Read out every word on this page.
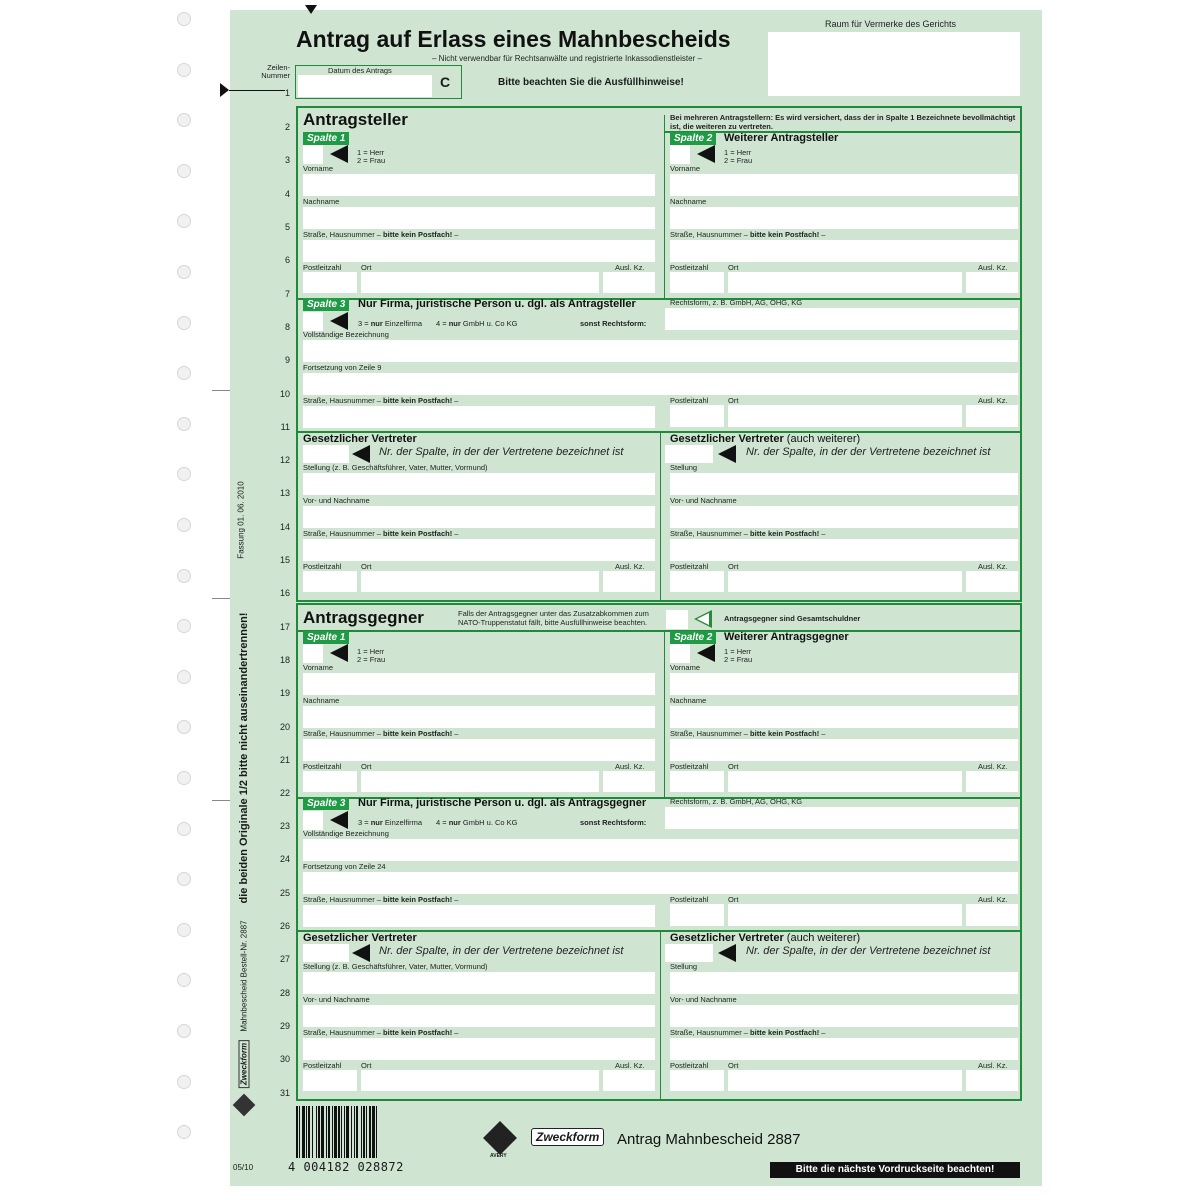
Antrag auf Erlass eines Mahnbescheids
– Nicht verwendbar für Rechtsanwälte und registrierte Inkassodienstleister –
Raum für Vermerke des Gerichts
Zeilen-
Nummer
Datum des Antrags
C	Bitte beachten Sie die Ausfüllhinweise!
1
2
3
4
5
6
7
8
9
10
11
12
13
14
15
16
17
18
19
20
21
22
23
24
25
26
27
28
29
30
31
Antragsteller	Bei mehreren Antragstellern: Es wird versichert, dass der in Spalte 1 Bezeichnete bevollmächtigt ist, die weiteren zu vertreten.
Spalte 1
1 = Herr
2 = Frau
Vorname
Nachname
Straße, Hausnummer – bitte kein Postfach! –
Postleitzahl	Ort	Ausl. Kz.
Spalte 2	Weiterer Antragsteller
1 = Herr
2 = Frau
Vorname
Nachname
Straße, Hausnummer – bitte kein Postfach! –
Postleitzahl	Ort	Ausl. Kz.
Spalte 3	Nur Firma, juristische Person u. dgl. als Antragsteller	Rechtsform, z. B. GmbH, AG, OHG, KG
3 = nur Einzelfirma 4 = nur GmbH u. Co KG	sonst Rechtsform:
Vollständige Bezeichnung
Fortsetzung von Zeile 9
Straße, Hausnummer – bitte kein Postfach! –	Postleitzahl	Ort	Ausl. Kz.
Gesetzlicher Vertreter
Nr. der Spalte, in der der Vertretene bezeichnet ist
Stellung (z. B. Geschäftsführer, Vater, Mutter, Vormund)
Vor- und Nachname
Straße, Hausnummer – bitte kein Postfach! –
Postleitzahl	Ort	Ausl. Kz.
Gesetzlicher Vertreter (auch weiterer)
Nr. der Spalte, in der der Vertretene bezeichnet ist
Stellung
Vor- und Nachname
Straße, Hausnummer – bitte kein Postfach! –
Postleitzahl	Ort	Ausl. Kz.
Antragsgegner	Falls der Antragsgegner unter das Zusatzabkommen zum NATO-Truppenstatut fällt, bitte Ausfüllhinweise beachten.	Antragsgegner sind Gesamtschuldner
Spalte 1
1 = Herr
2 = Frau
Vorname
Nachname
Straße, Hausnummer – bitte kein Postfach! –
Postleitzahl	Ort	Ausl. Kz.
Spalte 2	Weiterer Antragsgegner
1 = Herr
2 = Frau
Vorname
Nachname
Straße, Hausnummer – bitte kein Postfach! –
Postleitzahl	Ort	Ausl. Kz.
Spalte 3	Nur Firma, juristische Person u. dgl. als Antragsgegner	Rechtsform, z. B. GmbH, AG, OHG, KG
3 = nur Einzelfirma 4 = nur GmbH u. Co KG	sonst Rechtsform:
Vollständige Bezeichnung
Fortsetzung von Zeile 24
Straße, Hausnummer – bitte kein Postfach! –	Postleitzahl	Ort	Ausl. Kz.
Gesetzlicher Vertreter
Nr. der Spalte, in der der Vertretene bezeichnet ist
Stellung (z. B. Geschäftsführer, Vater, Mutter, Vormund)
Vor- und Nachname
Straße, Hausnummer – bitte kein Postfach! –
Postleitzahl	Ort	Ausl. Kz.
Gesetzlicher Vertreter (auch weiterer)
Nr. der Spalte, in der der Vertretene bezeichnet ist
Stellung
Vor- und Nachname
Straße, Hausnummer – bitte kein Postfach! –
Postleitzahl	Ort	Ausl. Kz.
Fassung 01. 06. 2010
die beiden Originale 1/2 bitte nicht auseinandertrennen!
Mahnbescheid Bestell-Nr. 2887
Zweckform
4 004182 028872
05/10
AVERY
Zweckform	Antrag Mahnbescheid 2887
Bitte die nächste Vordruckseite beachten!
